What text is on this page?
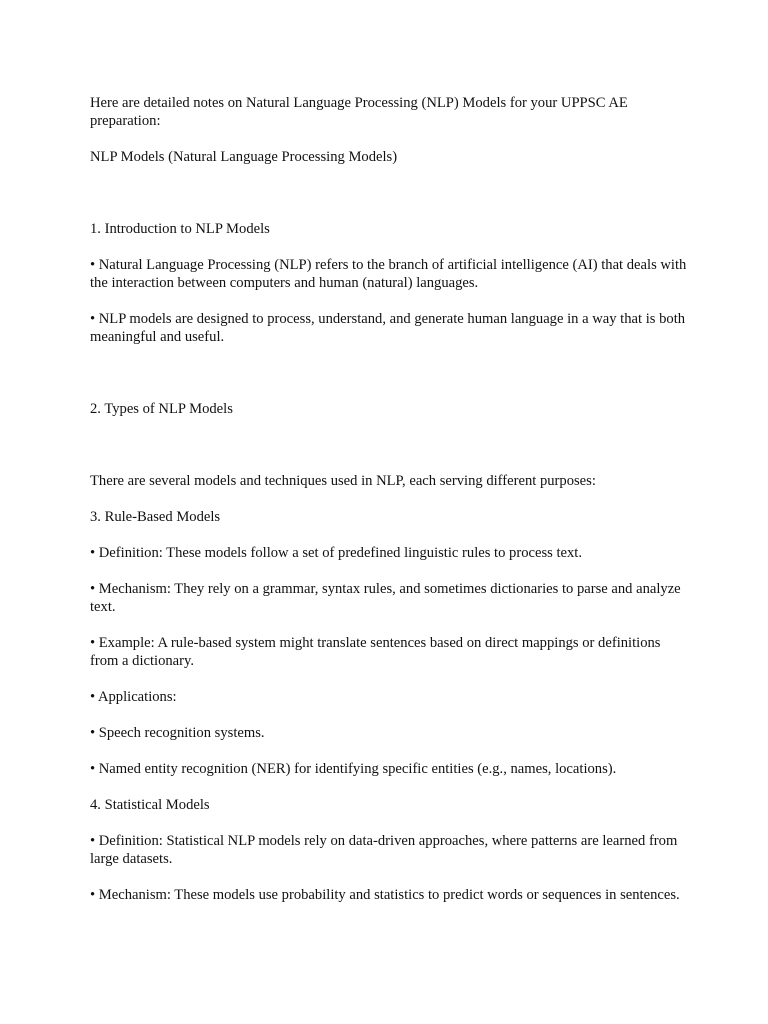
Here are detailed notes on Natural Language Processing (NLP) Models for your UPPSC AE preparation:

NLP Models (Natural Language Processing Models)

1. Introduction to NLP Models

• Natural Language Processing (NLP) refers to the branch of artificial intelligence (AI) that deals with the interaction between computers and human (natural) languages.

• NLP models are designed to process, understand, and generate human language in a way that is both meaningful and useful.

2. Types of NLP Models

There are several models and techniques used in NLP, each serving different purposes:

3. Rule-Based Models

• Definition: These models follow a set of predefined linguistic rules to process text.

• Mechanism: They rely on a grammar, syntax rules, and sometimes dictionaries to parse and analyze text.

• Example: A rule-based system might translate sentences based on direct mappings or definitions from a dictionary.

• Applications:

• Speech recognition systems.

• Named entity recognition (NER) for identifying specific entities (e.g., names, locations).

4. Statistical Models

• Definition: Statistical NLP models rely on data-driven approaches, where patterns are learned from large datasets.

• Mechanism: These models use probability and statistics to predict words or sequences in sentences.
